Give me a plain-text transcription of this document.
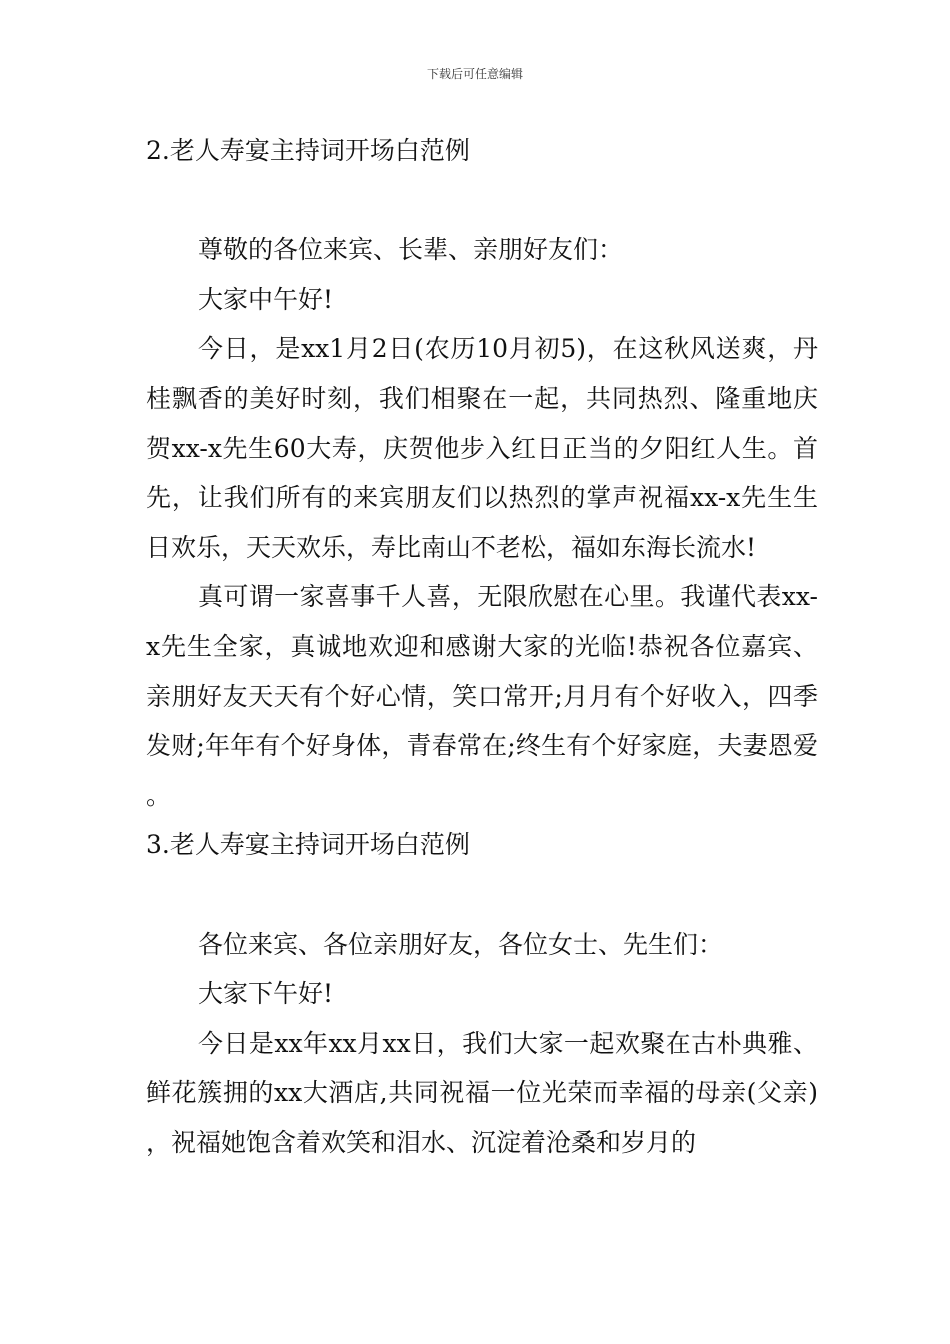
下载后可任意编辑
2.老人寿宴主持词开场白范例

尊敬的各位来宾、长辈、亲朋好友们：

大家中午好!

今日，是xx1月2日(农历10月初5)，在这秋风送爽，丹桂飘香的美好时刻，我们相聚在一起，共同热烈、隆重地庆贺xx-x先生60大寿，庆贺他步入红日正当的夕阳红人生。首先，让我们所有的来宾朋友们以热烈的掌声祝福xx-x先生生日欢乐，天天欢乐，寿比南山不老松，福如东海长流水!

真可谓一家喜事千人喜，无限欣慰在心里。我谨代表xx-x先生全家，真诚地欢迎和感谢大家的光临!恭祝各位嘉宾、亲朋好友天天有个好心情，笑口常开;月月有个好收入，四季发财;年年有个好身体，青春常在;终生有个好家庭，夫妻恩爱。

3.老人寿宴主持词开场白范例

各位来宾、各位亲朋好友，各位女士、先生们：

大家下午好!

今日是xx年xx月xx日，我们大家一起欢聚在古朴典雅、鲜花簇拥的xx大酒店,共同祝福一位光荣而幸福的母亲(父亲)，祝福她饱含着欢笑和泪水、沉淀着沧桑和岁月的
